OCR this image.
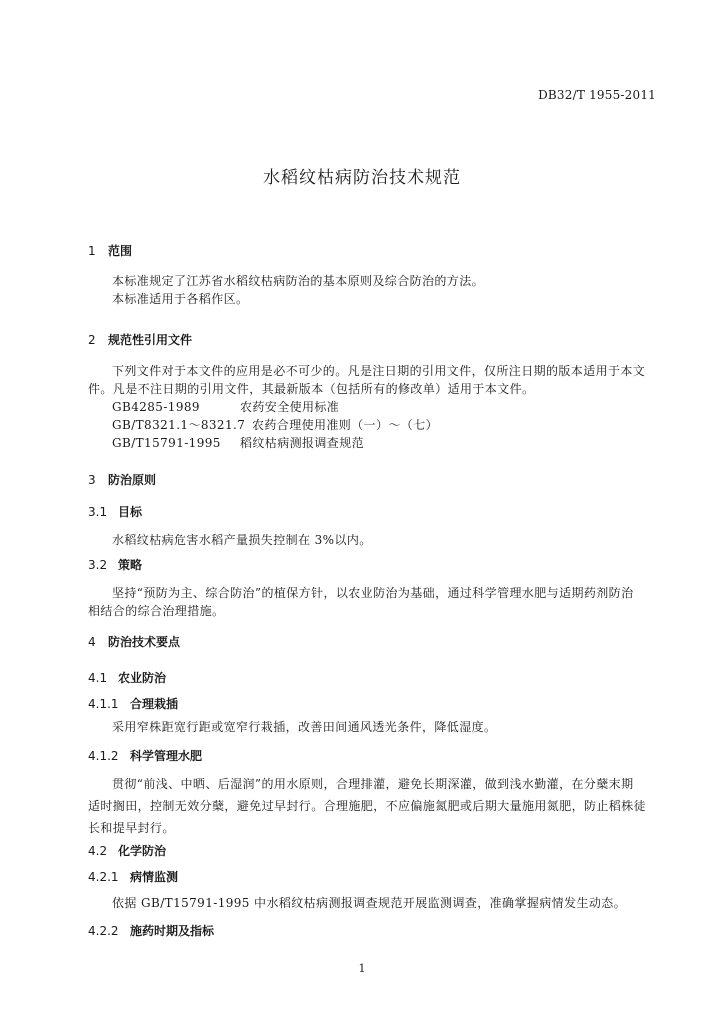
DB32/T 1955-2011
水稻纹枯病防治技术规范
1 范围
本标准规定了江苏省水稻纹枯病防治的基本原则及综合防治的方法。
本标准适用于各稻作区。
2 规范性引用文件
下列文件对于本文件的应用是必不可少的。凡是注日期的引用文件，仅所注日期的版本适用于本文
件。凡是不注日期的引用文件，其最新版本（包括所有的修改单）适用于本文件。
GB4285-1989	农药安全使用标准
GB/T8321.1～8321.7 农药合理使用准则（一）～（七）
GB/T15791-1995 稻纹枯病测报调查规范
3 防治原则
3.1 目标
水稻纹枯病危害水稻产量损失控制在 3%以内。
3.2 策略
坚持“预防为主、综合防治”的植保方针，以农业防治为基础，通过科学管理水肥与适期药剂防治
相结合的综合治理措施。
4 防治技术要点
4.1 农业防治
4.1.1 合理栽插
采用窄株距宽行距或宽窄行栽插，改善田间通风透光条件，降低湿度。
4.1.2 科学管理水肥
贯彻“前浅、中晒、后湿润”的用水原则，合理排灌，避免长期深灌，做到浅水勤灌，在分蘖末期
适时搁田，控制无效分蘖，避免过早封行。合理施肥，不应偏施氮肥或后期大量施用氮肥，防止稻株徒
长和提早封行。
4.2 化学防治
4.2.1 病情监测
依据 GB/T15791-1995 中水稻纹枯病测报调查规范开展监测调查，准确掌握病情发生动态。
4.2.2 施药时期及指标
1
